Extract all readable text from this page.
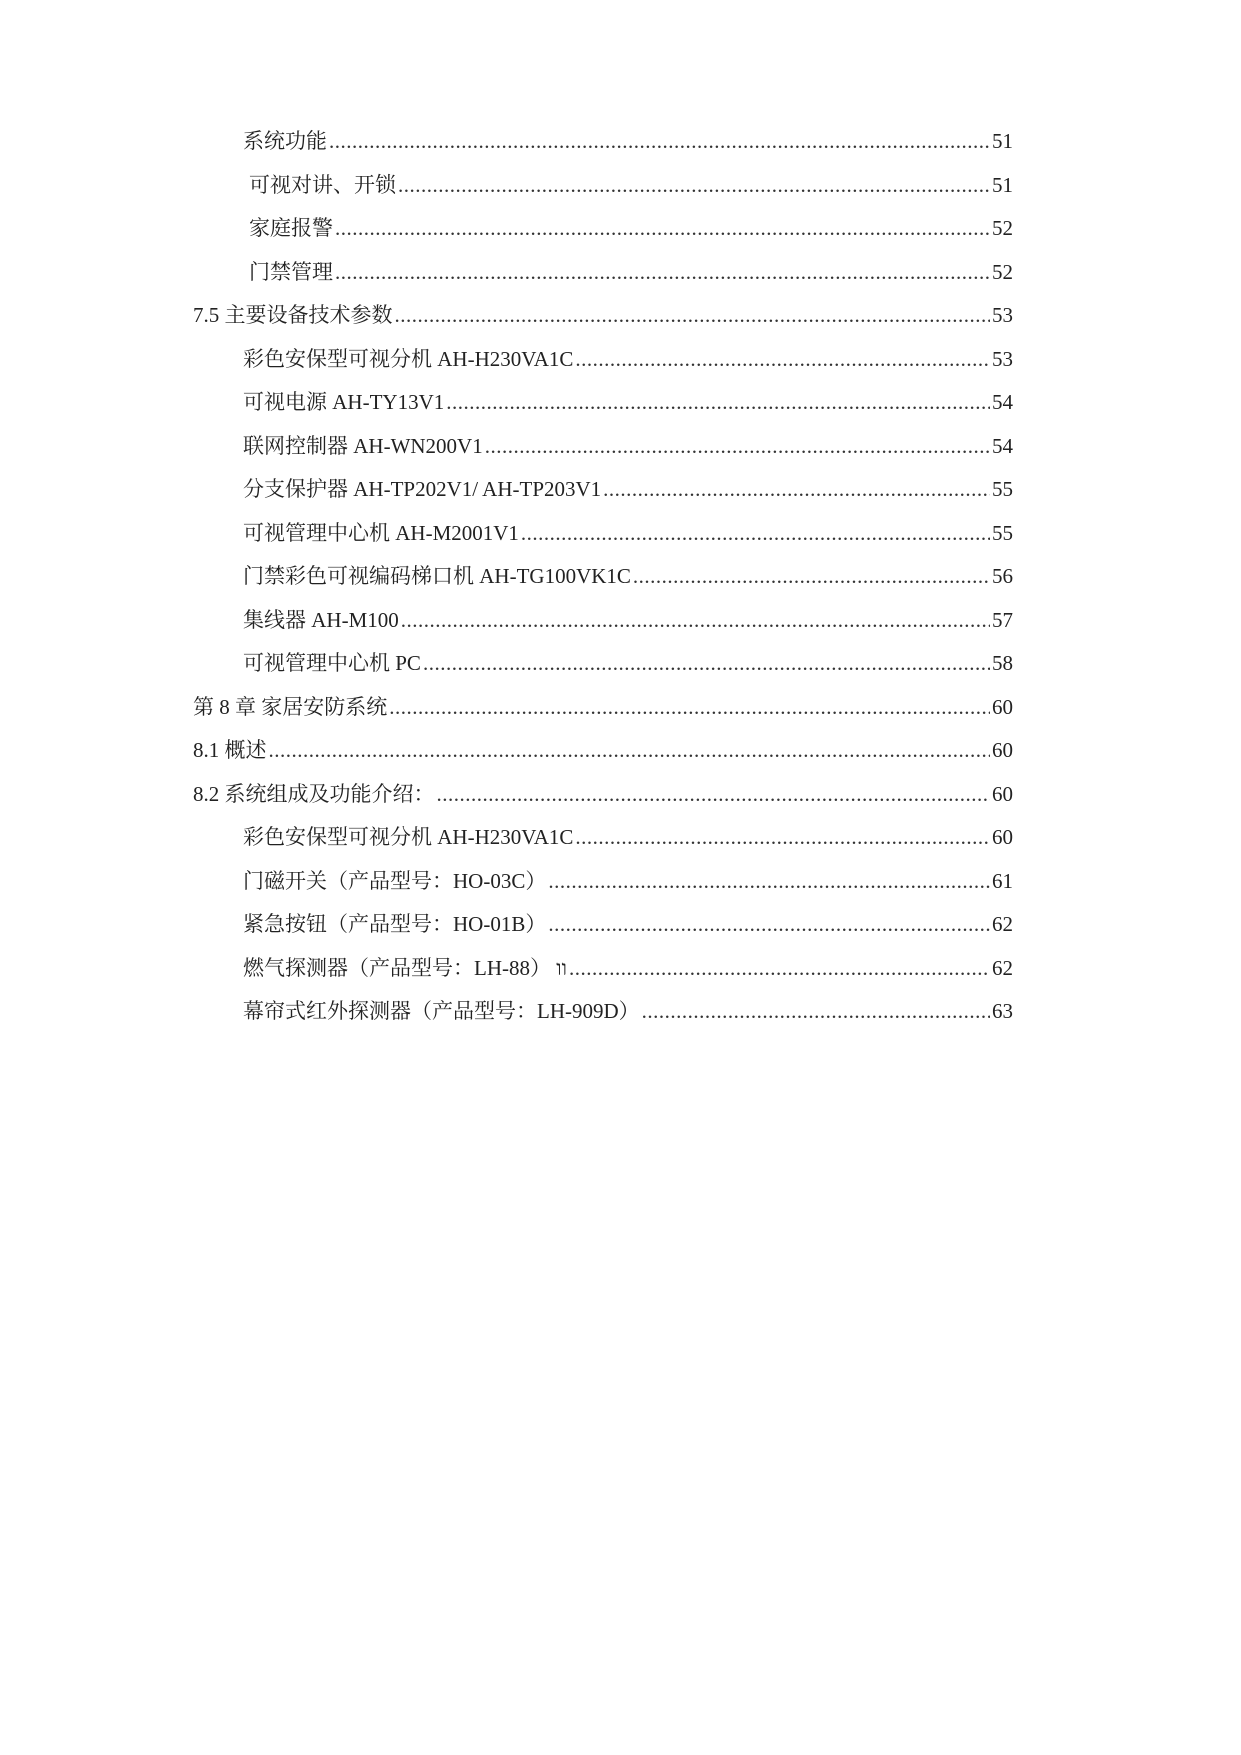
系统功能 .....	51
可视对讲、开锁 .....	51
家庭报警 .....	52
门禁管理 .....	52
7.5 主要设备技术参数 .....	53
彩色安保型可视分机 AH-H230VA1C .....	53
可视电源 AH-TY13V1 .....	54
联网控制器 AH-WN200V1 .....	54
分支保护器 AH-TP202V1/ AH-TP203V1 .....	55
可视管理中心机 AH-M2001V1 .....	55
门禁彩色可视编码梯口机 AH-TG100VK1C .....	56
集线器 AH-M100 .....	57
可视管理中心机 PC .....	58
第 8 章 家居安防系统 .....	60
8.1 概述 .....	60
8.2 系统组成及功能介绍： .....	60
彩色安保型可视分机 AH-H230VA1C .....	60
门磁开关（产品型号：HO-03C） .....	61
紧急按钮（产品型号：HO-01B） .....	62
燃气探测器（产品型号：LH-88）‎ וו .....	62
幕帘式红外探测器（产品型号：LH-909D） .....	63
